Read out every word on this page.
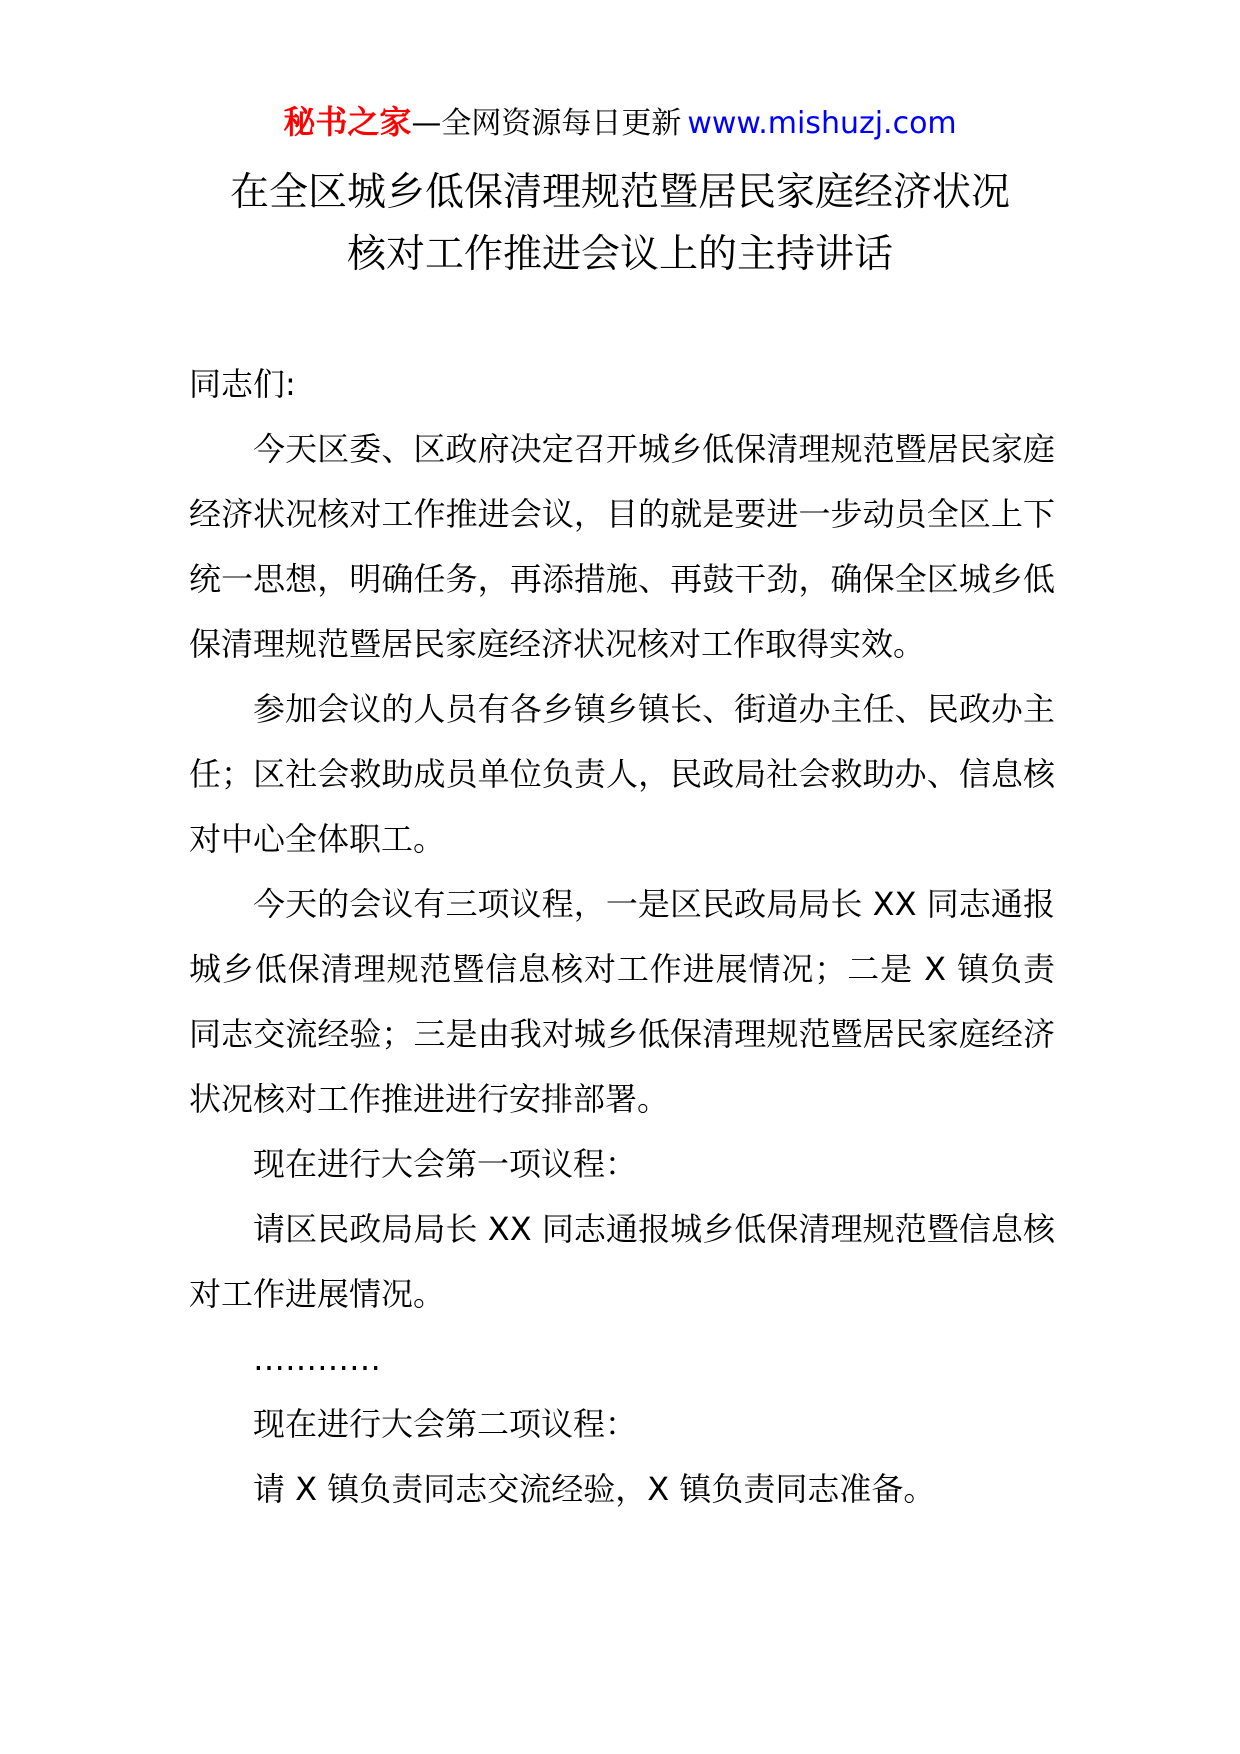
秘书之家—全网资源每日更新 www.mishuzj.com
在全区城乡低保清理规范暨居民家庭经济状况
核对工作推进会议上的主持讲话

同志们:

今天区委、区政府决定召开城乡低保清理规范暨居民家庭经济状况核对工作推进会议，目的就是要进一步动员全区上下统一思想，明确任务，再添措施、再鼓干劲，确保全区城乡低保清理规范暨居民家庭经济状况核对工作取得实效。

参加会议的人员有各乡镇乡镇长、街道办主任、民政办主任；区社会救助成员单位负责人，民政局社会救助办、信息核对中心全体职工。

今天的会议有三项议程，一是区民政局局长 XX 同志通报城乡低保清理规范暨信息核对工作进展情况；二是 X 镇负责同志交流经验；三是由我对城乡低保清理规范暨居民家庭经济状况核对工作推进进行安排部署。

现在进行大会第一项议程：

请区民政局局长 XX 同志通报城乡低保清理规范暨信息核对工作进展情况。

…………

现在进行大会第二项议程：

请 X 镇负责同志交流经验，X 镇负责同志准备。
